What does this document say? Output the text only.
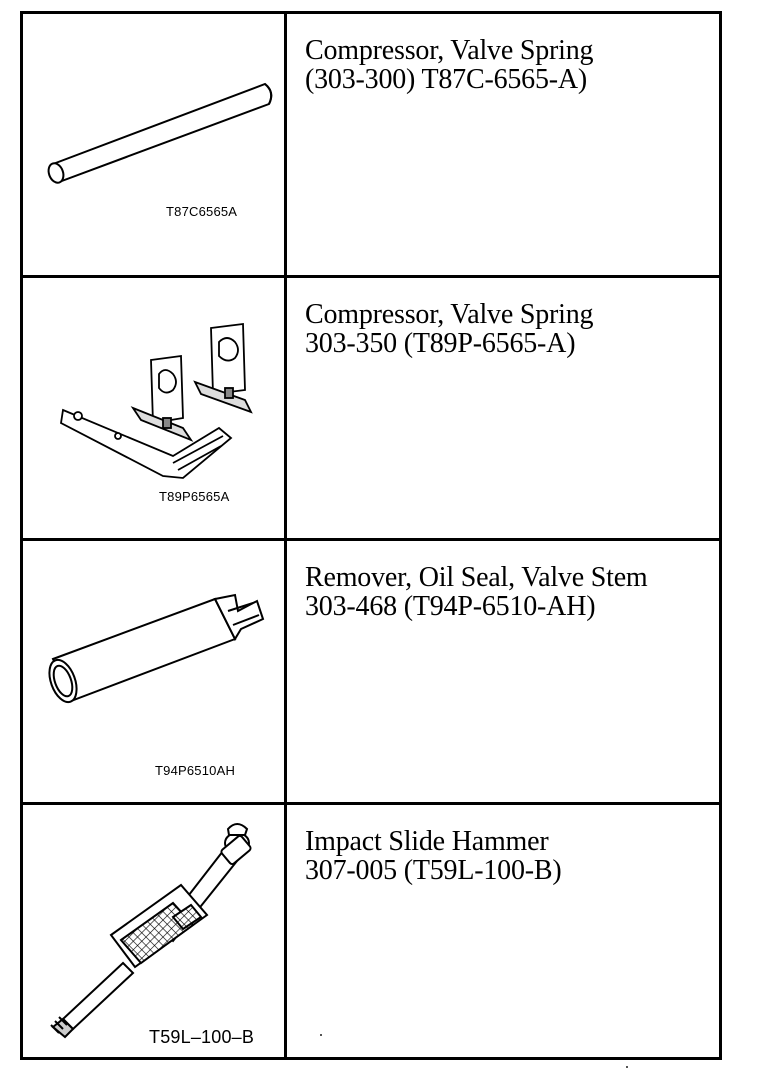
T87C6565A
Compressor, Valve Spring
(303-300) T87C-6565-A)
T89P6565A
Compressor, Valve Spring
303-350 (T89P-6565-A)
T94P6510AH
Remover, Oil Seal, Valve Stem
303-468 (T94P-6510-AH)
T59L–100–B
Impact Slide Hammer
307-005 (T59L-100-B)
